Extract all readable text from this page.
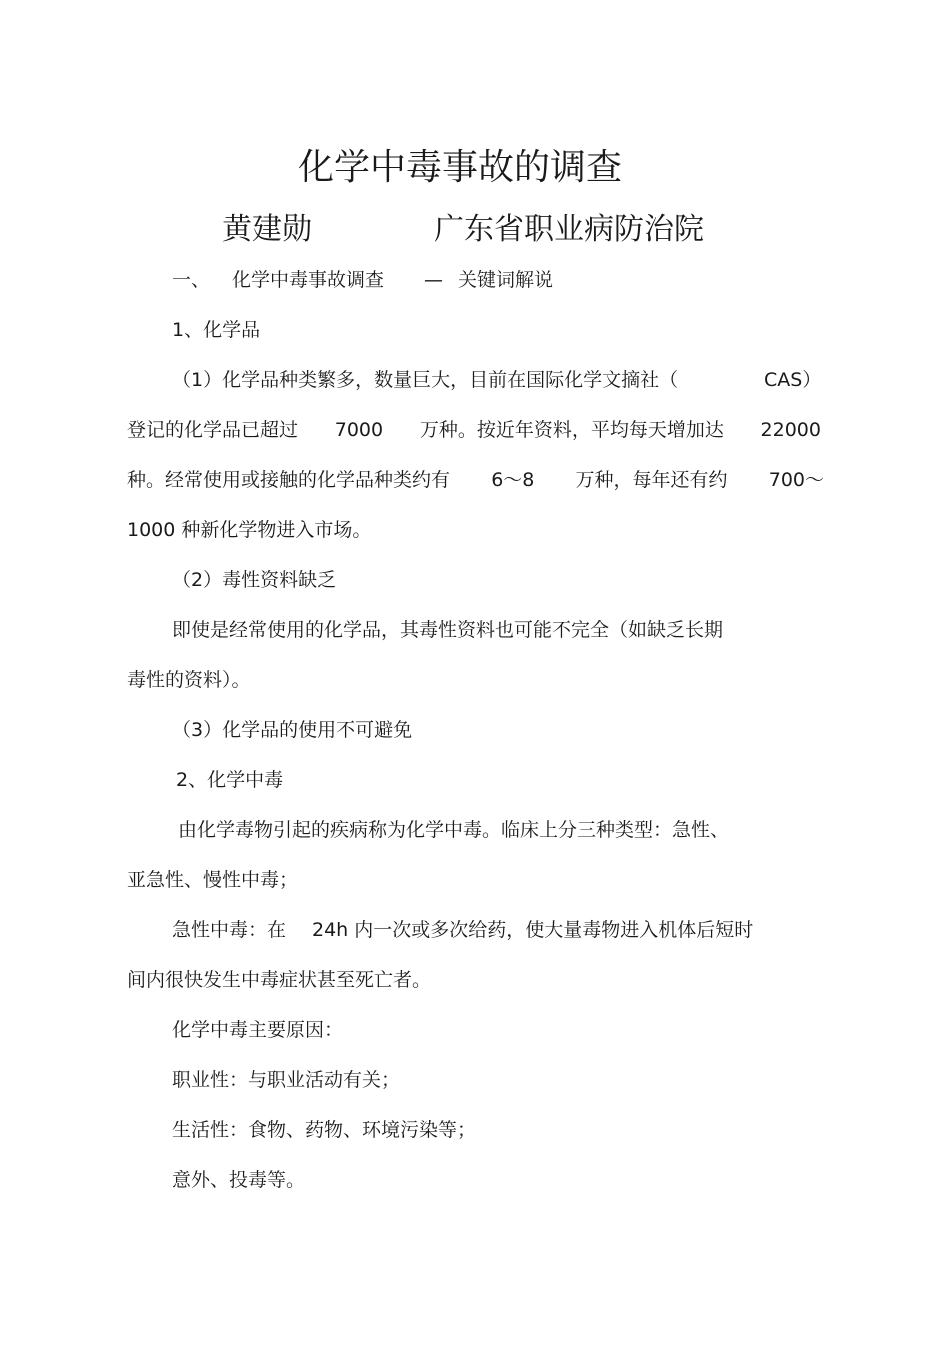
化学中毒事故的调查
黄建勋	广东省职业病防治院
一、 化学中毒事故调查 — 关键词解说
1、化学品
（1）化学品种类繁多，数量巨大，目前在国际化学文摘社（	CAS）
登记的化学品已超过 7000 万种。按近年资料，平均每天增加达 22000
种。经常使用或接触的化学品种类约有 6～8 万种，每年还有约 700～
1000 种新化学物进入市场。
（2）毒性资料缺乏
即使是经常使用的化学品，其毒性资料也可能不完全（如缺乏长期
毒性的资料）。
（3）化学品的使用不可避免
2、化学中毒
由化学毒物引起的疾病称为化学中毒。临床上分三种类型：急性、
亚急性、慢性中毒；
急性中毒：在 24h 内一次或多次给药，使大量毒物进入机体后短时
间内很快发生中毒症状甚至死亡者。
化学中毒主要原因：
职业性：与职业活动有关；
生活性：食物、药物、环境污染等；
意外、投毒等。
